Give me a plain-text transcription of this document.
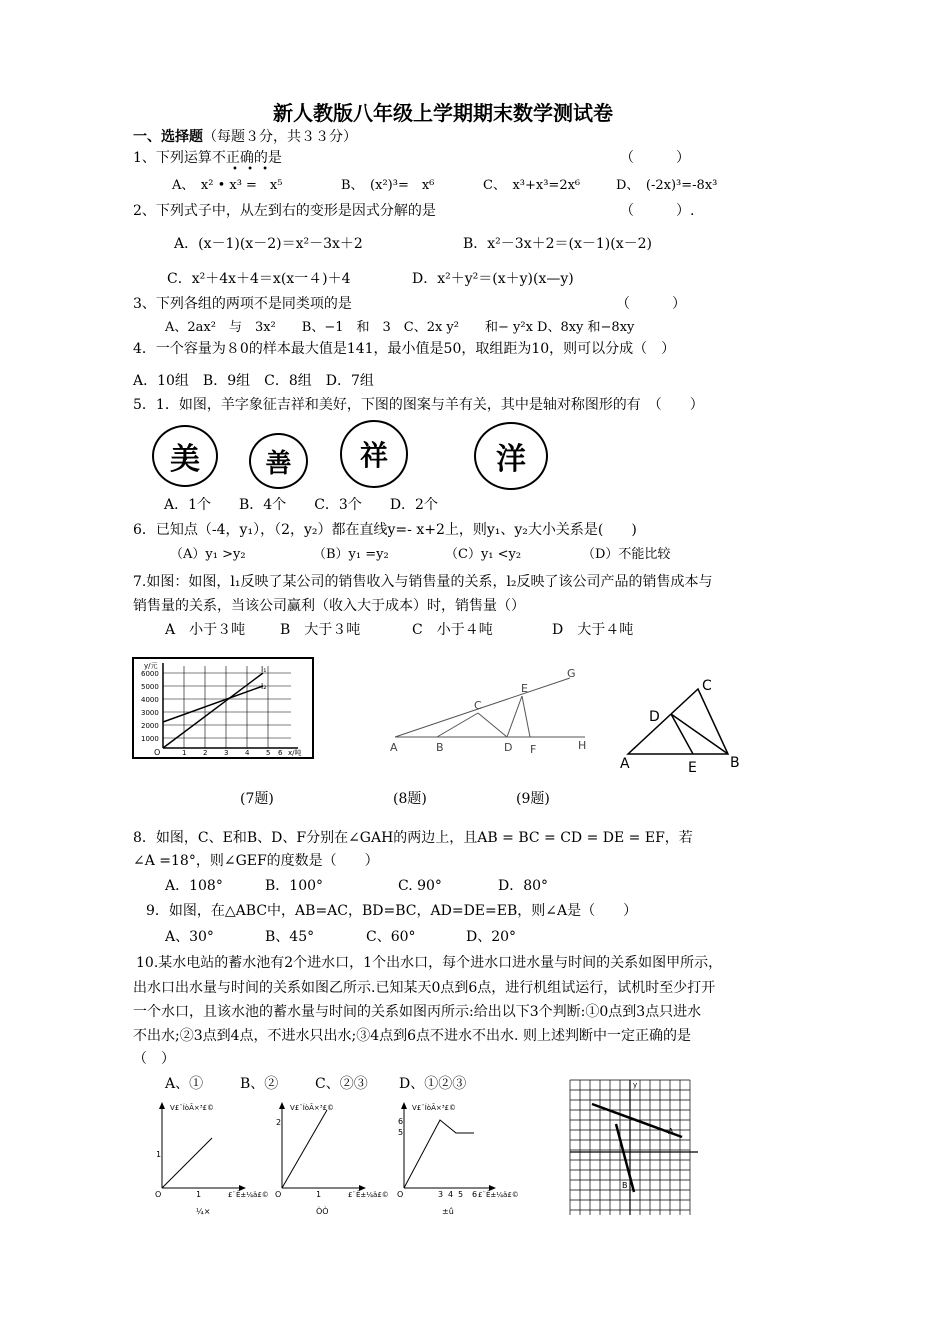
新人教版八年级上学期期末数学测试卷
一、选择题（每题３分，共３３分）
1、下列运算不正确的是
• • •
（　　　）
A、　x² • x³ =　x⁵	B、　(x²)³=　x⁶	C、　x³+x³=2x⁶	D、　(-2x)³=-8x³
2、下列式子中，从左到右的变形是因式分解的是	（　　　）.
A．(x－1)(x－2)＝x²－3x＋2	B．x²－3x＋2＝(x－1)(x－2)
C．x²＋4x＋4＝x(x一４)＋4	D．x²＋y²＝(x＋y)(x—y)
3、下列各组的两项不是同类项的是	（　　　）
A、2ax²　与　3x²　　B、−1　和　3　C、2x y²　　和− y²x D、8xy 和−8xy
4．一个容量为８0的样本最大值是141，最小值是50，取组距为10，则可以分成（　）
A．10组　B．9组　C．8组　D．7组
5．1．如图，羊字象征吉祥和美好，下图的图案与羊有关，其中是轴对称图形的有　（　　）
美	善 祥	洋
A．1个　　B．4个　　C．3个　　D．2个
6．已知点（-4，y₁），（2，y₂）都在直线y=- x+2上，则y₁、y₂大小关系是(　　)
（A）y₁ >y₂	（B）y₁ =y₂	（C）y₁ <y₂	（D）不能比较
7.如图：如图，l₁反映了某公司的销售收入与销售量的关系，l₂反映了该公司产品的销售成本与
销售量的关系，当该公司赢利（收入大于成本）时，销售量（）
A　小于３吨 B　大于３吨	C　小于４吨	D　大于４吨
y/元
6000
5000
4000
3000
2000
1000
O	1 2 3 4 5 6 x/吨
l₁
l₂
A	B
C
D
E
F
G
H
C
D
A	E B
(7题)	(8题)	(9题)
8．如图，C、E和B、D、F分别在∠GAH的两边上，且AB = BC = CD = DE = EF，若
∠A =18°，则∠GEF的度数是（　　）
A．108°	B．100°	C. 90°	D．80°
9．如图，在△ABC中，AB=AC，BD=BC，AD=DE=EB，则∠A是（　　）
A、30°	B、45°	C、60°	D、20°
10.某水电站的蓄水池有2个进水口，1个出水口，每个进水口进水量与时间的关系如图甲所示，
出水口出水量与时间的关系如图乙所示.已知某天0点到6点，进行机组试运行，试机时至少打开
一个水口，且该水池的蓄水量与时间的关系如图丙所示:给出以下3个判断:①0点到3点只进水
不出水;②3点到4点，不进水只出水;③4点到6点不进水不出水. 则上述判断中一定正确的是
（　）
A、①	B、②	C、②③ D、①②③
V£¨ÍòÃ×³£©
1
O	1	£¨Ê±¼ä£©
¼×
V£¨ÍòÃ×³£©
2
O	1	£¨Ê±¼ä£©
ÒÒ
V£¨ÍòÃ×³£©
6
5
O	3 4 5 6 £¨Ê±¼ä£©
±û
y
A
B
